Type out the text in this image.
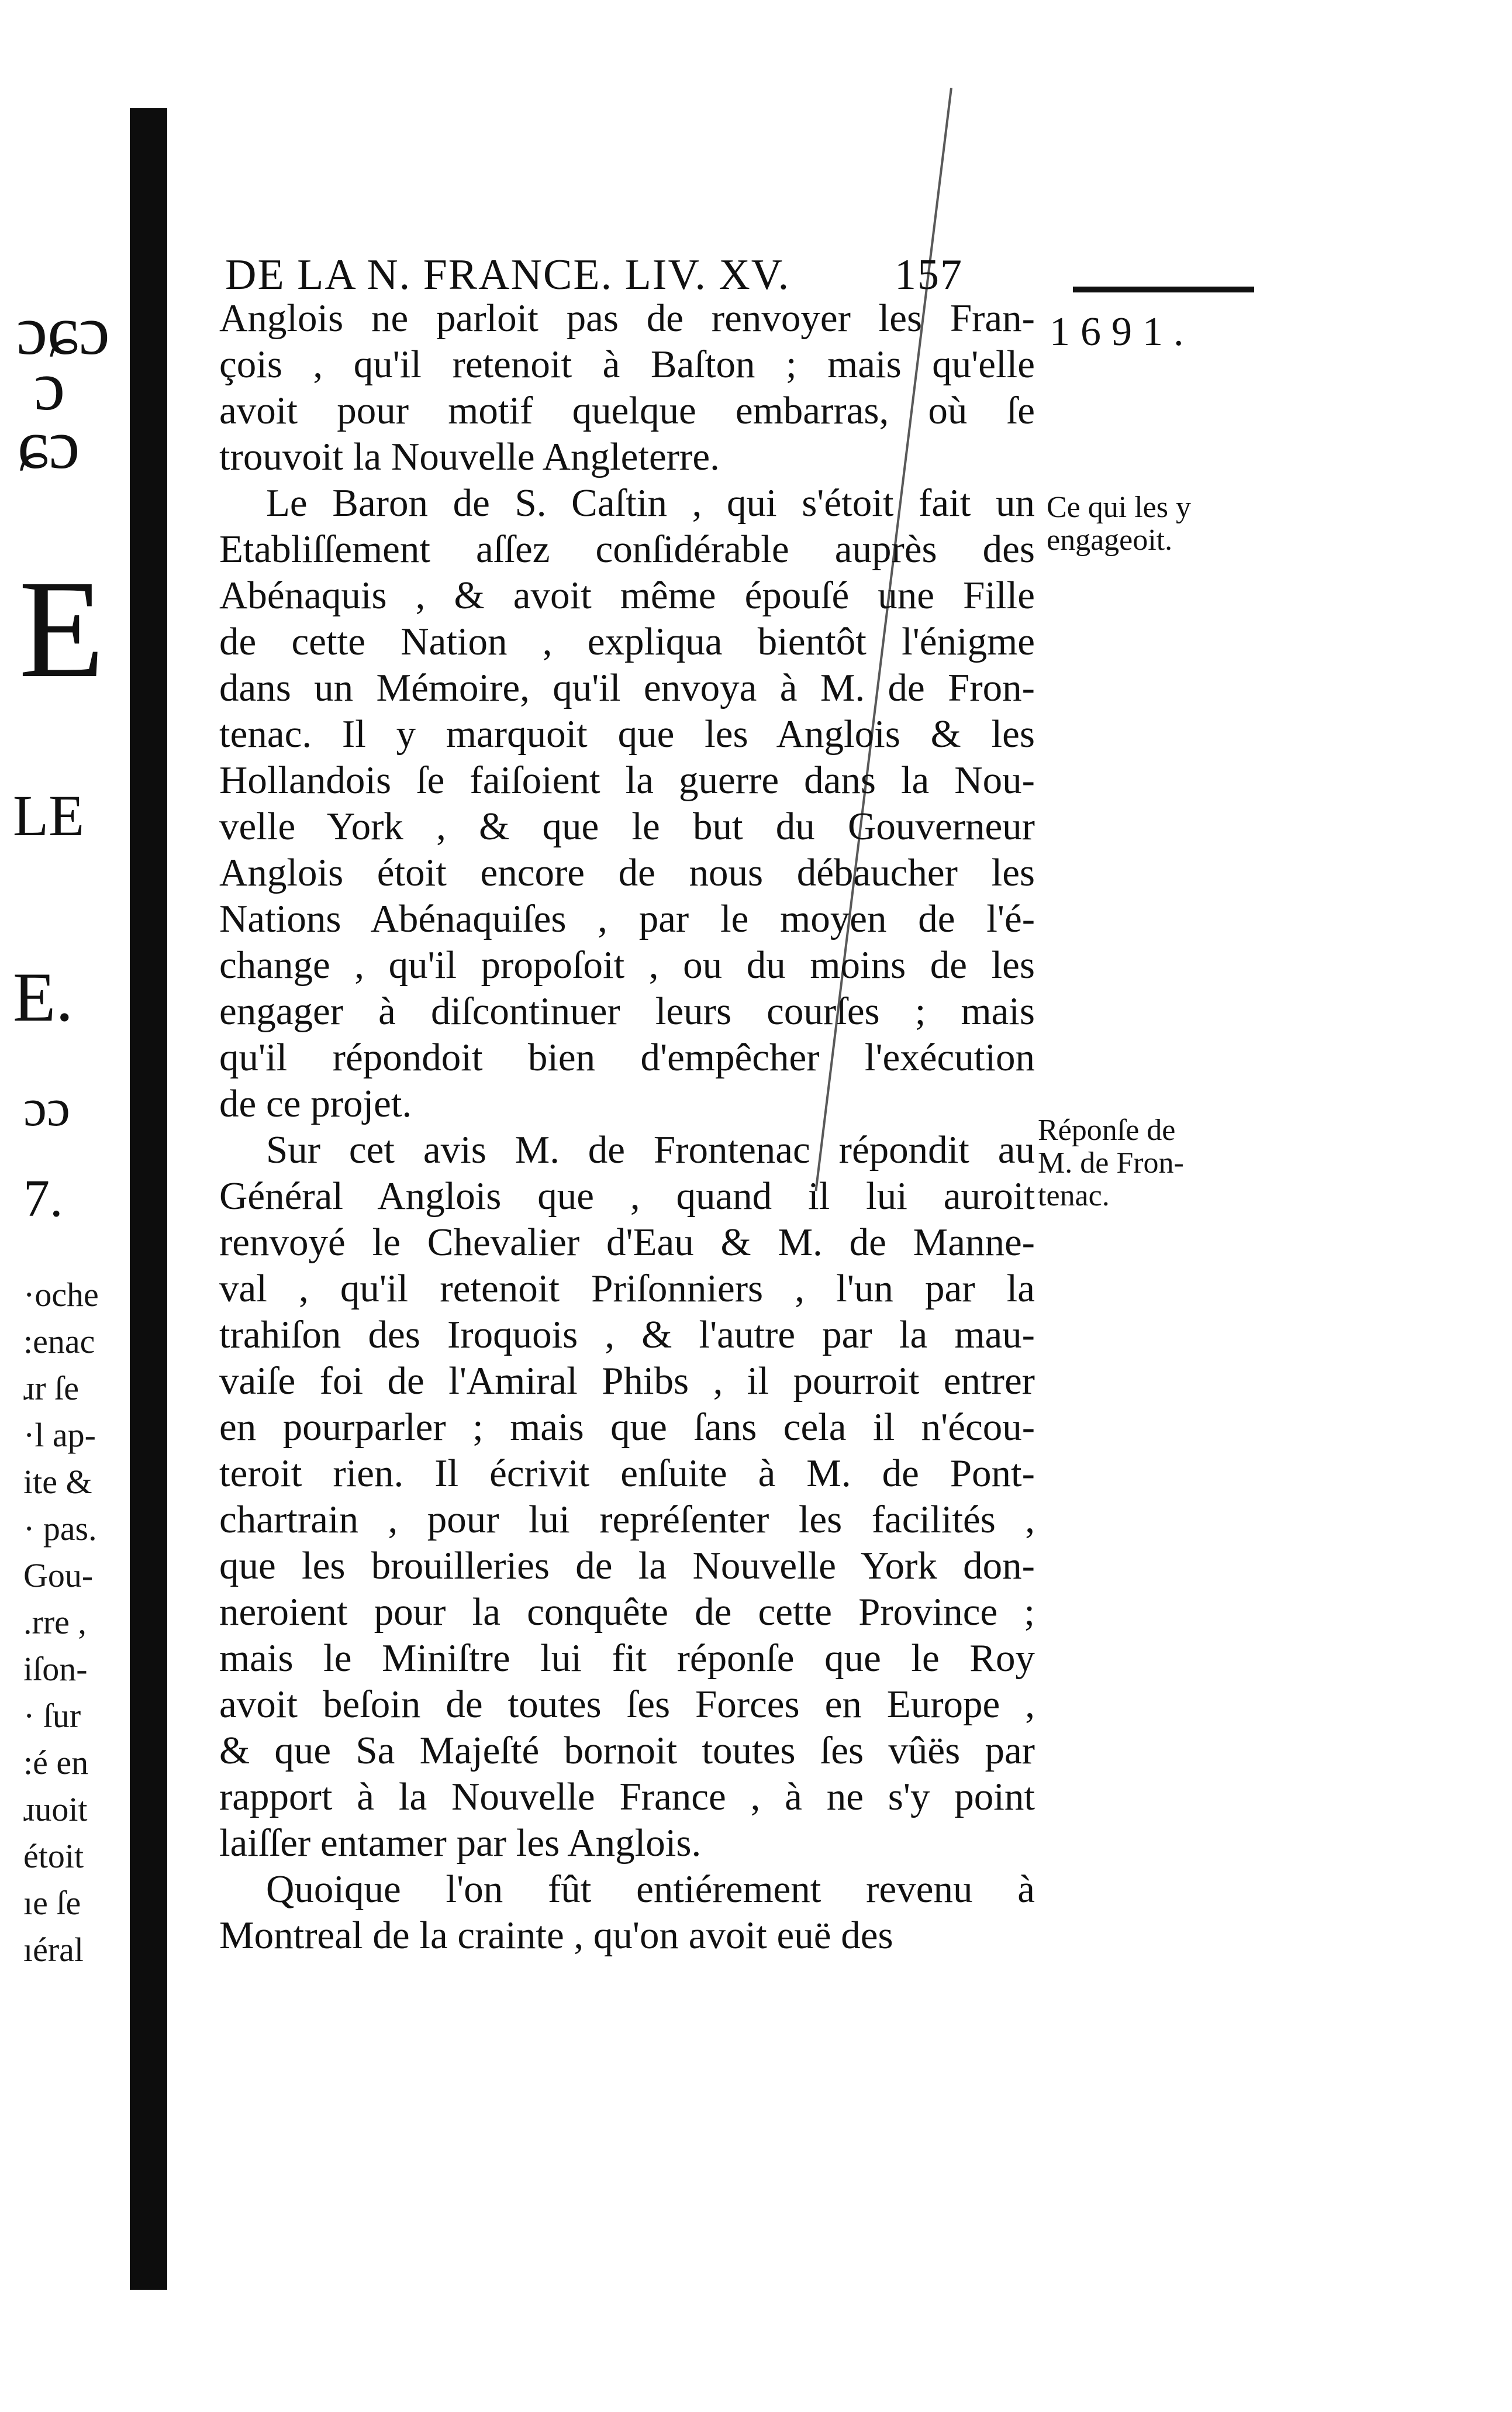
ɔɕɔ
ɔ
ɕɔ
E
LE
E.
ɔɔ
7.
·oche
:enac
ɹr ſe
·l ap-
ite &
· pas.
Gou-
.rre ,
iſon-
· ſur
:é en
ɹuoit
étoit
ıe ſe
ıéral
DE LA N. FRANCE. LIV. XV. 157
1691.
Anglois ne parloit pas de renvoyer les Fran-
çois , qu'il retenoit à Baſton ; mais qu'elle
avoit pour motif quelque embarras, où ſe
trouvoit la Nouvelle Angleterre.
Le Baron de S. Caſtin , qui s'étoit fait un
Etabliſſement aſſez conſidérable auprès des
Abénaquis , & avoit même épouſé une Fille
de cette Nation , expliqua bientôt l'énigme
dans un Mémoire, qu'il envoya à M. de Fron-
tenac. Il y marquoit que les Anglois & les
Hollandois ſe faiſoient la guerre dans la Nou-
velle York , & que le but du Gouverneur
Anglois étoit encore de nous débaucher les
Nations Abénaquiſes , par le moyen de l'é-
change , qu'il propoſoit , ou du moins de les
engager à diſcontinuer leurs courſes ; mais
qu'il répondoit bien d'empêcher l'exécution
de ce projet.
Sur cet avis M. de Frontenac répondit au
Général Anglois que , quand il lui auroit
renvoyé le Chevalier d'Eau & M. de Manne-
val , qu'il retenoit Priſonniers , l'un par la
trahiſon des Iroquois , & l'autre par la mau-
vaiſe foi de l'Amiral Phibs , il pourroit entrer
en pourparler ; mais que ſans cela il n'écou-
teroit rien. Il écrivit enſuite à M. de Pont-
chartrain , pour lui repréſenter les facilités ,
que les brouilleries de la Nouvelle York don-
neroient pour la conquête de cette Province ;
mais le Miniſtre lui fit réponſe que le Roy
avoit beſoin de toutes ſes Forces en Europe ,
& que Sa Majeſté bornoit toutes ſes vûës par
rapport à la Nouvelle France , à ne s'y point
laiſſer entamer par les Anglois.
Quoique l'on fût entiérement revenu à
Montreal de la crainte , qu'on avoit euë des
Ce qui les y
engageoit.
Réponſe de
M. de Fron-
tenac.
